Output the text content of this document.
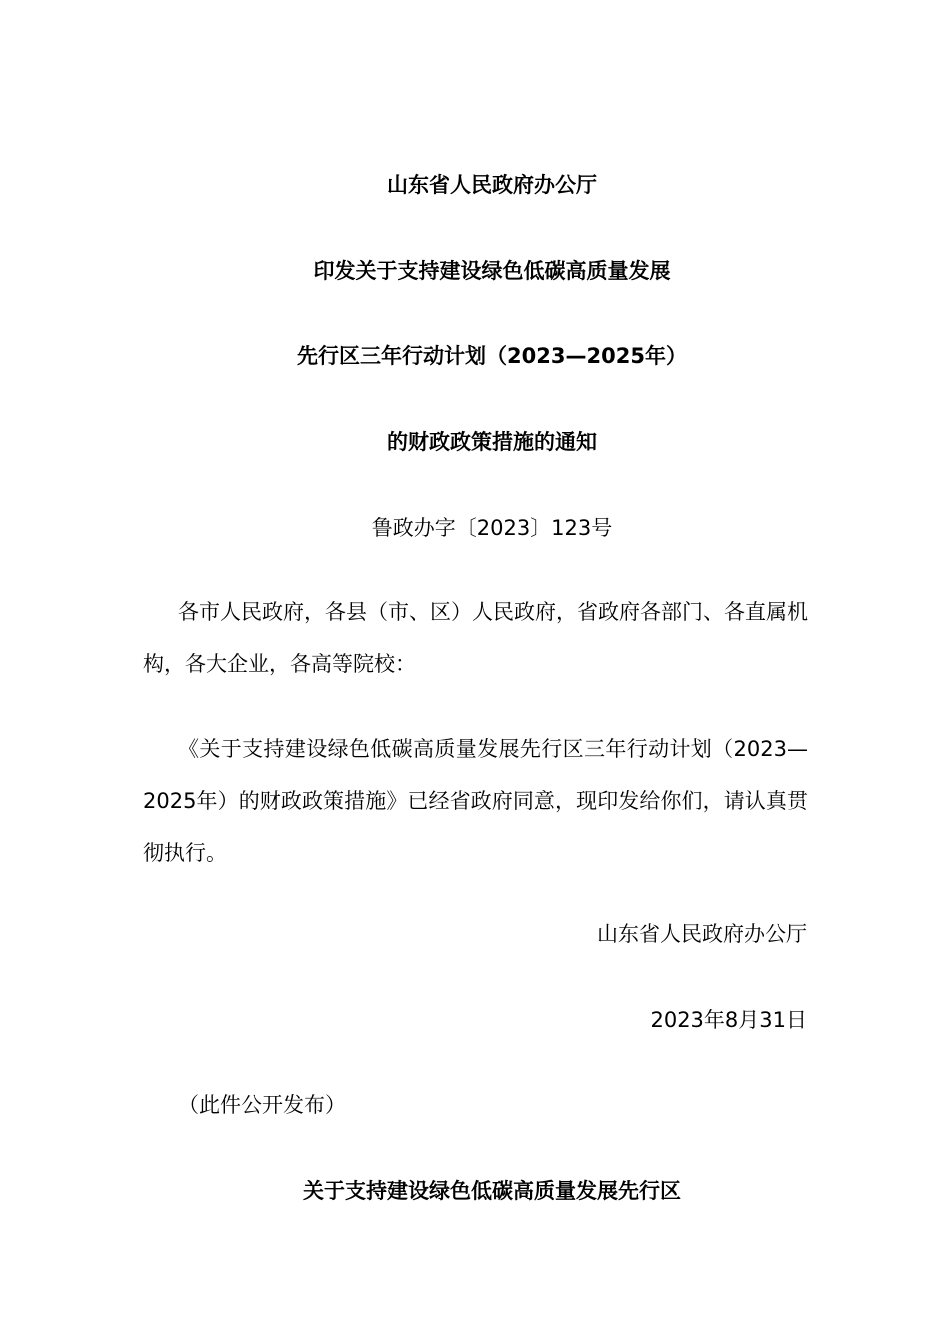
山东省人民政府办公厅
印发关于支持建设绿色低碳高质量发展
先行区三年行动计划（2023—2025年）
的财政政策措施的通知
鲁政办字〔2023〕123号

各市人民政府，各县（市、区）人民政府，省政府各部门、各直属机构，各大企业，各高等院校：

《关于支持建设绿色低碳高质量发展先行区三年行动计划（2023—2025年）的财政政策措施》已经省政府同意，现印发给你们，请认真贯彻执行。

山东省人民政府办公厅
2023年8月31日
（此件公开发布）
关于支持建设绿色低碳高质量发展先行区
